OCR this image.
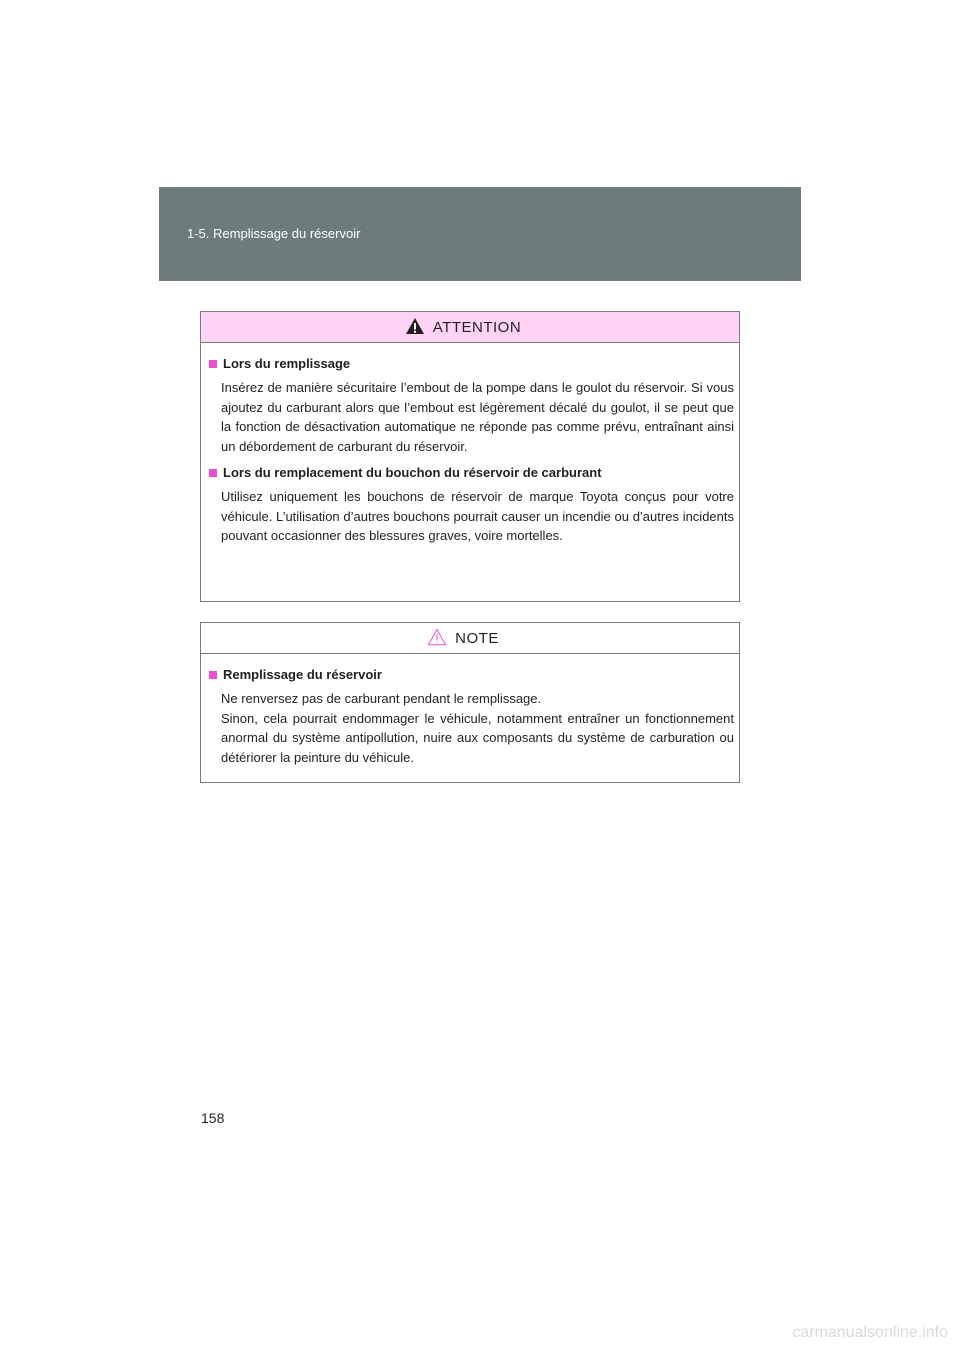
1-5. Remplissage du réservoir
ATTENTION
Lors du remplissage
Insérez de manière sécuritaire l’embout de la pompe dans le goulot du réservoir. Si vous ajoutez du carburant alors que l’embout est légèrement décalé du goulot, il se peut que la fonction de désactivation automatique ne réponde pas comme prévu, entraînant ainsi un débordement de carburant du réservoir.
Lors du remplacement du bouchon du réservoir de carburant
Utilisez uniquement les bouchons de réservoir de marque Toyota conçus pour votre véhicule. L’utilisation d’autres bouchons pourrait causer un incendie ou d’autres incidents pouvant occasionner des blessures graves, voire mortelles.
NOTE
Remplissage du réservoir
Ne renversez pas de carburant pendant le remplissage.
Sinon, cela pourrait endommager le véhicule, notamment entraîner un fonctionnement anormal du système antipollution, nuire aux composants du système de carburation ou détériorer la peinture du véhicule.
158
carmanualsonline.info
